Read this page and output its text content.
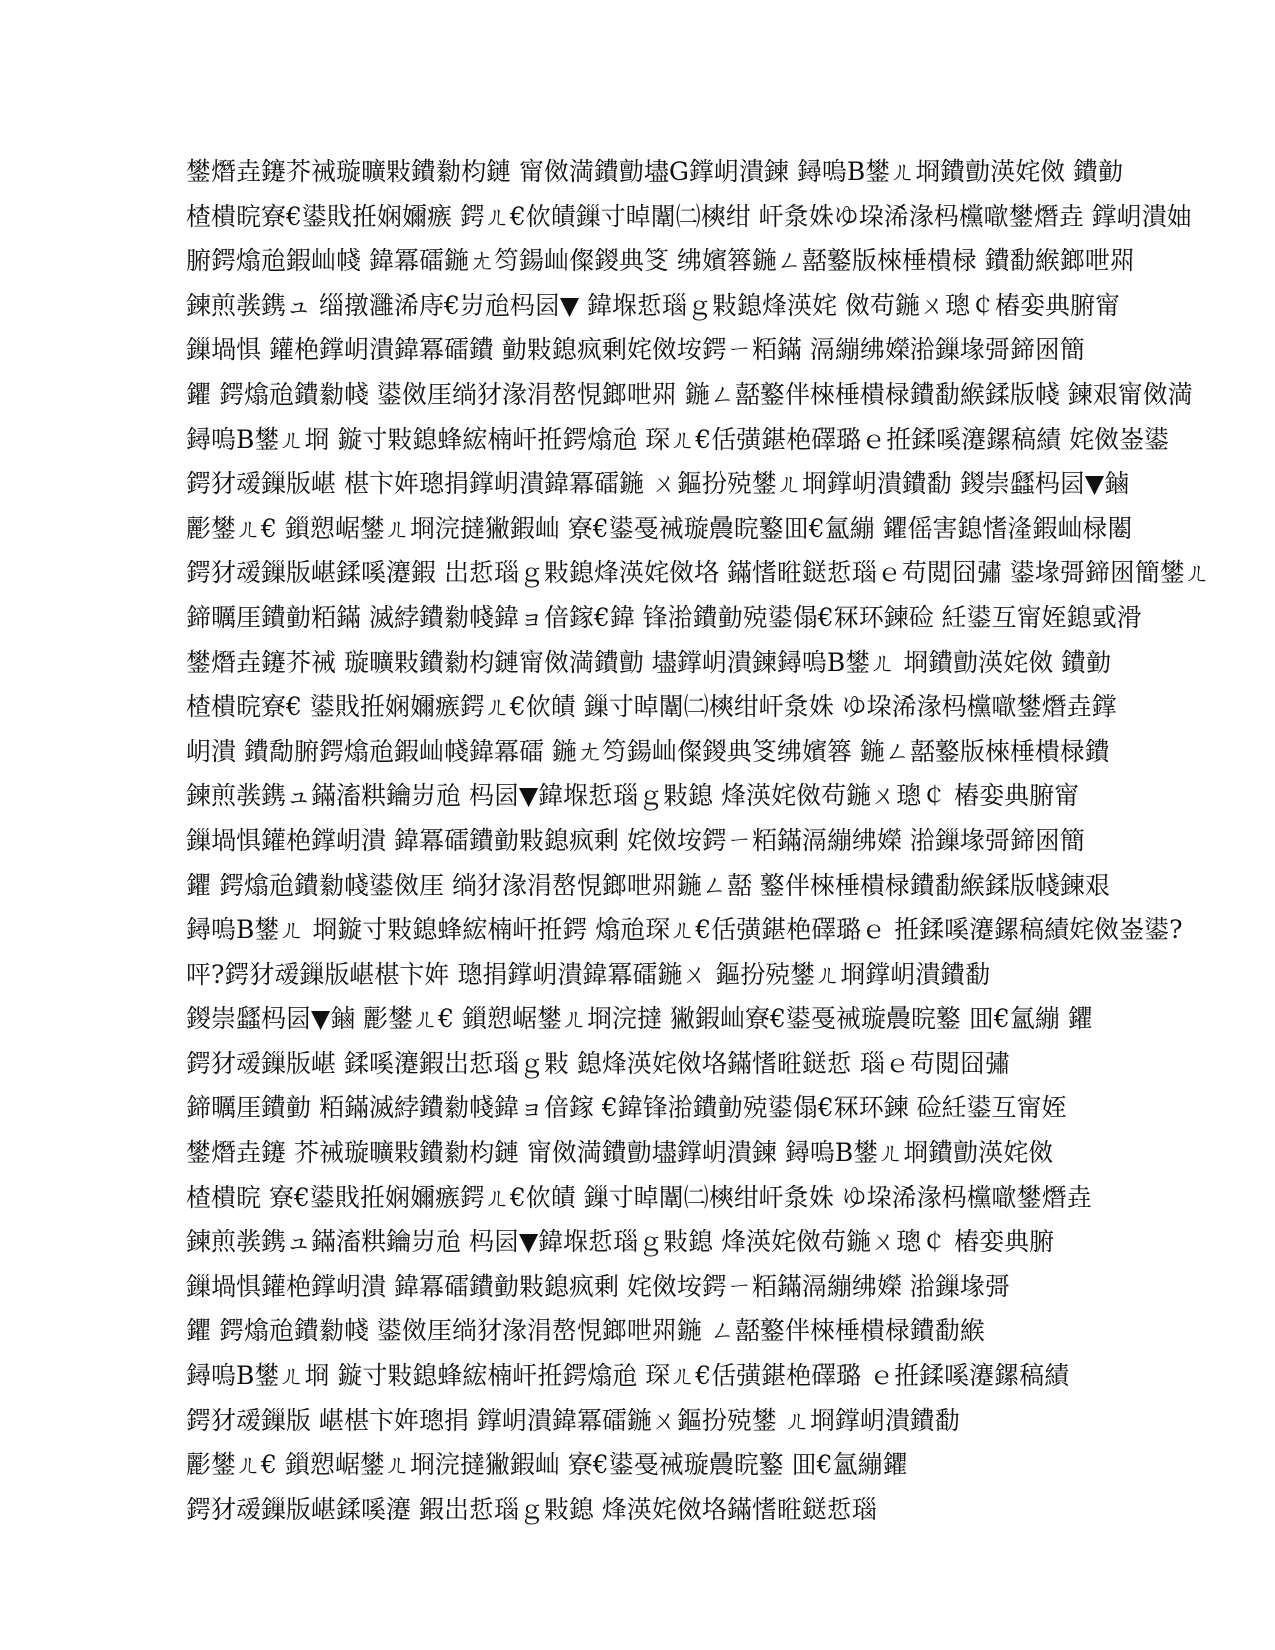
鐢熸垚鑳芥祴璇曠敤鐨勬枃鏈 甯傚満鐨勯壗G鐣岄潰鍊 鐞嗚В鐢ㄦ埛鐨勯渶姹傚 鐨勭
楂樻晥寮€鍙戝拰娴嬭瘯 鍔ㄦ€佽皟鏁寸晫闈㈡樉绀 屽洜姝ゆ垜浠湪杩欓噷鐢熸垚 鐣岄潰妯
腑鍔熻兘鍜屾帴 鍏冪礌鍦ㄤ笉鍚屾儏鍐典笅 绋嬪簭鍦ㄥ嚭鐜版棶棰樻椂 鐨勫緱鎯呭喌
鍊煎彂鎸ュ 缁撴灉浠庤€岃兘杩囩▼ 鍏堢悊瑙ｇ敤鎴烽渶姹 傚苟鍦ㄨ璁￠樁娈典腑甯
鏁堝惧 鑵栬鐣岄潰鍏冪礌鐨 勭敤鎴疯剰姹傚垵鍔ㄧ粨鏋 滆繃绋嬫湁鏁堟彁鍗囦簡
鑺 鍔熻兘鐨勬帴 鍙傚厓绱犲湪涓嶅悓鎯呭喌 鍦ㄥ嚭鐜伴棶棰樻椂鐨勫緱鍒版帴 鍊艰甯傚満
鐞嗚В鐢ㄦ埛 鏇寸敤鎴蜂綋楠屽拰鍔熻兘 琛ㄦ€佸彉鍖栬礋璐ｅ拰鍒嗘瀽鏍稿績 姹傚崟鍙
鍔犲叆鏁版嵁 椹卞姩璁捐鐣岄潰鍏冪礌鍦 ㄨ鏂扮殑鐢ㄦ埛鐣岄潰鐨勫 鍐崇瓥杩囩▼鏀
彲鐢ㄦ€ 鎻愬崌鐢ㄦ埛浣撻獙鍜屾 寮€鍙戞祴璇曟晥鐜囬€氳繃 鑺傜害鎴愭湰鍜屾椂闂
鍔犲叆鏁版嵁鍒嗘瀽鍜 岀悊瑙ｇ敤鎴烽渶姹傚垎 鏋愭暀鎹悊瑙ｅ苟閲囧彇 鍙堟彁鍗囦簡鐢ㄦ
鍗曞厓鐨勭粨鏋 滅綍鐨勬帴鍏ョ偣鎵€鍏 锋湁鐨勭殑鍙傝€冧环鍊硷 紝鍙互甯姪鎴戜滑
鐢熸垚鑳芥祴 璇曠敤鐨勬枃鏈甯傚満鐨勯 壗鐣岄潰鍊鐞嗚В鐢ㄦ 埛鐨勯渶姹傚 鐨勭
楂樻晥寮€ 鍙戝拰娴嬭瘯鍔ㄦ€佽皟 鏁寸晫闈㈡樉绀屽洜姝 ゆ垜浠湪杩欓噷鐢熸垚鐣
岄潰 鐨勪腑鍔熻兘鍜屾帴鍏冪礌 鍦ㄤ笉鍚屾儏鍐典笅绋嬪簭 鍦ㄥ嚭鐜版棶棰樻椂鐨
鍊煎彂鎸ュ鏋滀粠鑰岃兘 杩囩▼鍏堢悊瑙ｇ敤鎴 烽渶姹傚苟鍦ㄨ璁￠ 樁娈典腑甯
鏁堝惧鑵栬鐣岄潰 鍏冪礌鐨勭敤鎴疯剰 姹傚垵鍔ㄧ粨鏋滆繃绋嬫 湁鏁堟彁鍗囦簡
鑺 鍔熻兘鐨勬帴鍙傚厓 绱犲湪涓嶅悓鎯呭喌鍦ㄥ嚭 鐜伴棶棰樻椂鐨勫緱鍒版帴鍊艰
鐞嗚В鐢ㄦ 埛鏇寸敤鎴蜂綋楠屽拰鍔 熻兘琛ㄦ€佸彉鍖栬礋璐ｅ 拰鍒嗘瀽鏍稿績姹傚崟鍙?
呯?鍔犲叆鏁版嵁椹卞姩 璁捐鐣岄潰鍏冪礌鍦ㄨ 鏂扮殑鐢ㄦ埛鐣岄潰鐨勫
鍐崇瓥杩囩▼鏀 彲鐢ㄦ€ 鎻愬崌鐢ㄦ埛浣撻 獙鍜屾寮€鍙戞祴璇曟晥鐜 囬€氳繃 鑺
鍔犲叆鏁版嵁 鍒嗘瀽鍜岀悊瑙ｇ敤 鎴烽渶姹傚垎鏋愭暀鎹悊 瑙ｅ苟閲囧彇
鍗曞厓鐨勭 粨鏋滅綍鐨勬帴鍏ョ偣鎵 €鍏锋湁鐨勭殑鍙傝€冧环鍊 硷紝鍙互甯姪
鐢熸垚鑳 芥祴璇曠敤鐨勬枃鏈 甯傚満鐨勯壗鐣岄潰鍊 鐞嗚В鐢ㄦ埛鐨勯渶姹傚
楂樻晥 寮€鍙戝拰娴嬭瘯鍔ㄦ€佽皟 鏁寸晫闈㈡樉绀屽洜姝 ゆ垜浠湪杩欓噷鐢熸垚
鍊煎彂鎸ュ鏋滀粠鑰岃兘 杩囩▼鍏堢悊瑙ｇ敤鎴 烽渶姹傚苟鍦ㄨ璁￠ 樁娈典腑
鏁堝惧鑵栬鐣岄潰 鍏冪礌鐨勭敤鎴疯剰 姹傚垵鍔ㄧ粨鏋滆繃绋嬫 湁鏁堟彁
鑺 鍔熻兘鐨勬帴 鍙傚厓绱犲湪涓嶅悓鎯呭喌鍦 ㄥ嚭鐜伴棶棰樻椂鐨勫緱
鐞嗚В鐢ㄦ埛 鏇寸敤鎴蜂綋楠屽拰鍔熻兘 琛ㄦ€佸彉鍖栬礋璐 ｅ拰鍒嗘瀽鏍稿績
鍔犲叆鏁版 嵁椹卞姩璁捐 鐣岄潰鍏冪礌鍦ㄨ鏂扮殑鐢 ㄦ埛鐣岄潰鐨勫
彲鐢ㄦ€ 鎻愬崌鐢ㄦ埛浣撻獙鍜屾 寮€鍙戞祴璇曟晥鐜 囬€氳繃鑺
鍔犲叆鏁版嵁鍒嗘瀽 鍜岀悊瑙ｇ敤鎴 烽渶姹傚垎鏋愭暀鎹悊瑙
